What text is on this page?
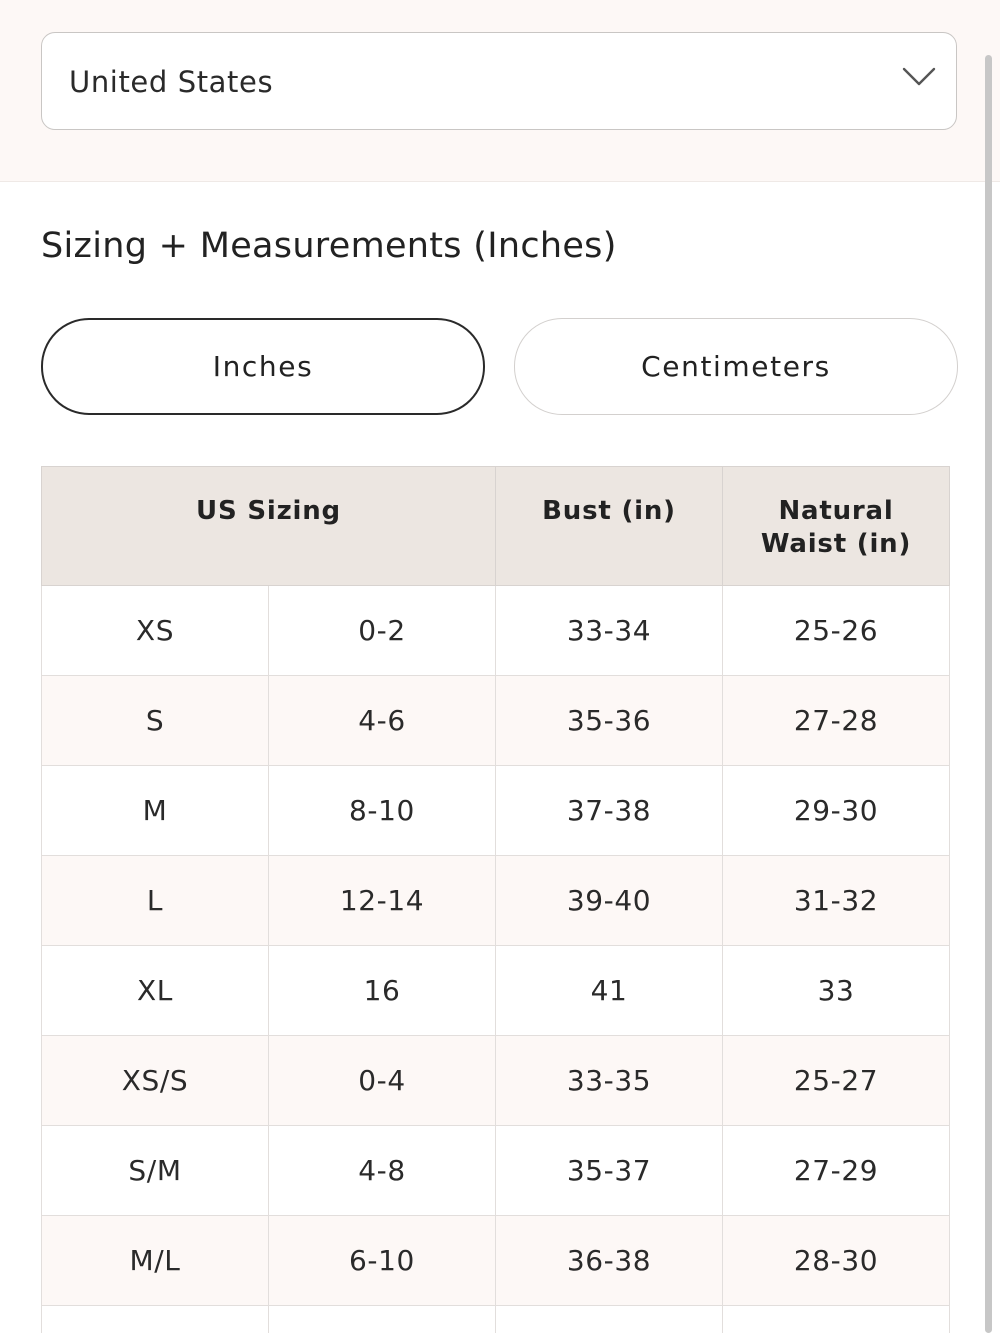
United States
Sizing + Measurements (Inches)
Inches	Centimeters
US Sizing		Bust (in)	Natural
Waist (in)

XS	0-2	33-34	25-26
S	4-6	35-36	27-28
M	8-10	37-38	29-30
L	12-14	39-40	31-32
XL	16	41	33
XS/S	0-4	33-35	25-27
S/M	4-8	35-37	27-29
M/L	6-10	36-38	28-30
